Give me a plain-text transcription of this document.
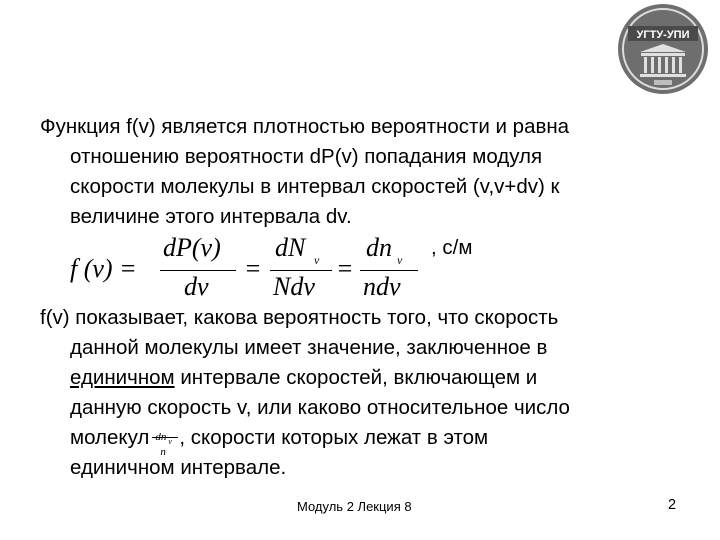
УГТУ-УПИ
Функция f(v) является плотностью вероятности и равна
отношению вероятности dP(v) попадания модуля
скорости молекулы в интервал скоростей (v,v+dv) к
величине этого интервала dv.
f (v) =
dP(v)
dv
=
dN v
Ndv
=
dn v
ndv
, с/м
f(v) показывает, какова вероятность того, что скорость
данной молекулы имеет значение, заключенное в
единичном интервале скоростей, включающем и
данную скорость v, или каково относительное число
молекул dn v
n
, скорости которых лежат в этом
единичном интервале.
Модуль 2 Лекция 8	2
